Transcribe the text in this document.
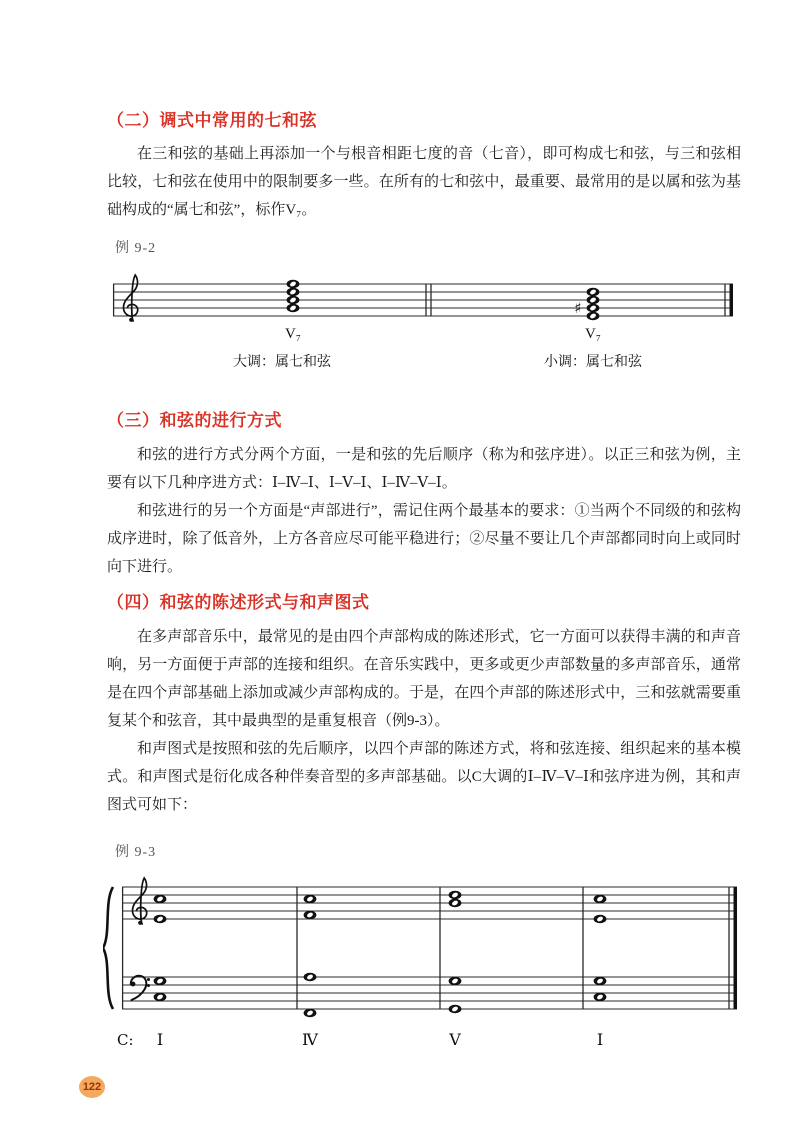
（二）调式中常用的七和弦

在三和弦的基础上再添加一个与根音相距七度的音（七音），即可构成七和弦，与三和弦相比较，七和弦在使用中的限制要多一些。在所有的七和弦中，最重要、最常用的是以属和弦为基础构成的“属七和弦”，标作V₇。

例 9-2
♯
V₇	V₇
大调：属七和弦	小调：属七和弦
（三）和弦的进行方式

和弦的进行方式分两个方面，一是和弦的先后顺序（称为和弦序进）。以正三和弦为例，主要有以下几种序进方式：Ⅰ–Ⅳ–Ⅰ、Ⅰ–Ⅴ–Ⅰ、Ⅰ–Ⅳ–Ⅴ–Ⅰ。

和弦进行的另一个方面是“声部进行”，需记住两个最基本的要求：①当两个不同级的和弦构成序进时，除了低音外，上方各音应尽可能平稳进行；②尽量不要让几个声部都同时向上或同时向下进行。

（四）和弦的陈述形式与和声图式

在多声部音乐中，最常见的是由四个声部构成的陈述形式，它一方面可以获得丰满的和声音响，另一方面便于声部的连接和组织。在音乐实践中，更多或更少声部数量的多声部音乐，通常是在四个声部基础上添加或减少声部构成的。于是，在四个声部的陈述形式中，三和弦就需要重复某个和弦音，其中最典型的是重复根音（例9-3）。

和声图式是按照和弦的先后顺序，以四个声部的陈述方式，将和弦连接、组织起来的基本模式。和声图式是衍化成各种伴奏音型的多声部基础。以C大调的Ⅰ–Ⅳ–Ⅴ–Ⅰ和弦序进为例，其和声图式可如下：

例 9-3
C:	Ⅰ	Ⅳ	Ⅴ	Ⅰ
122
